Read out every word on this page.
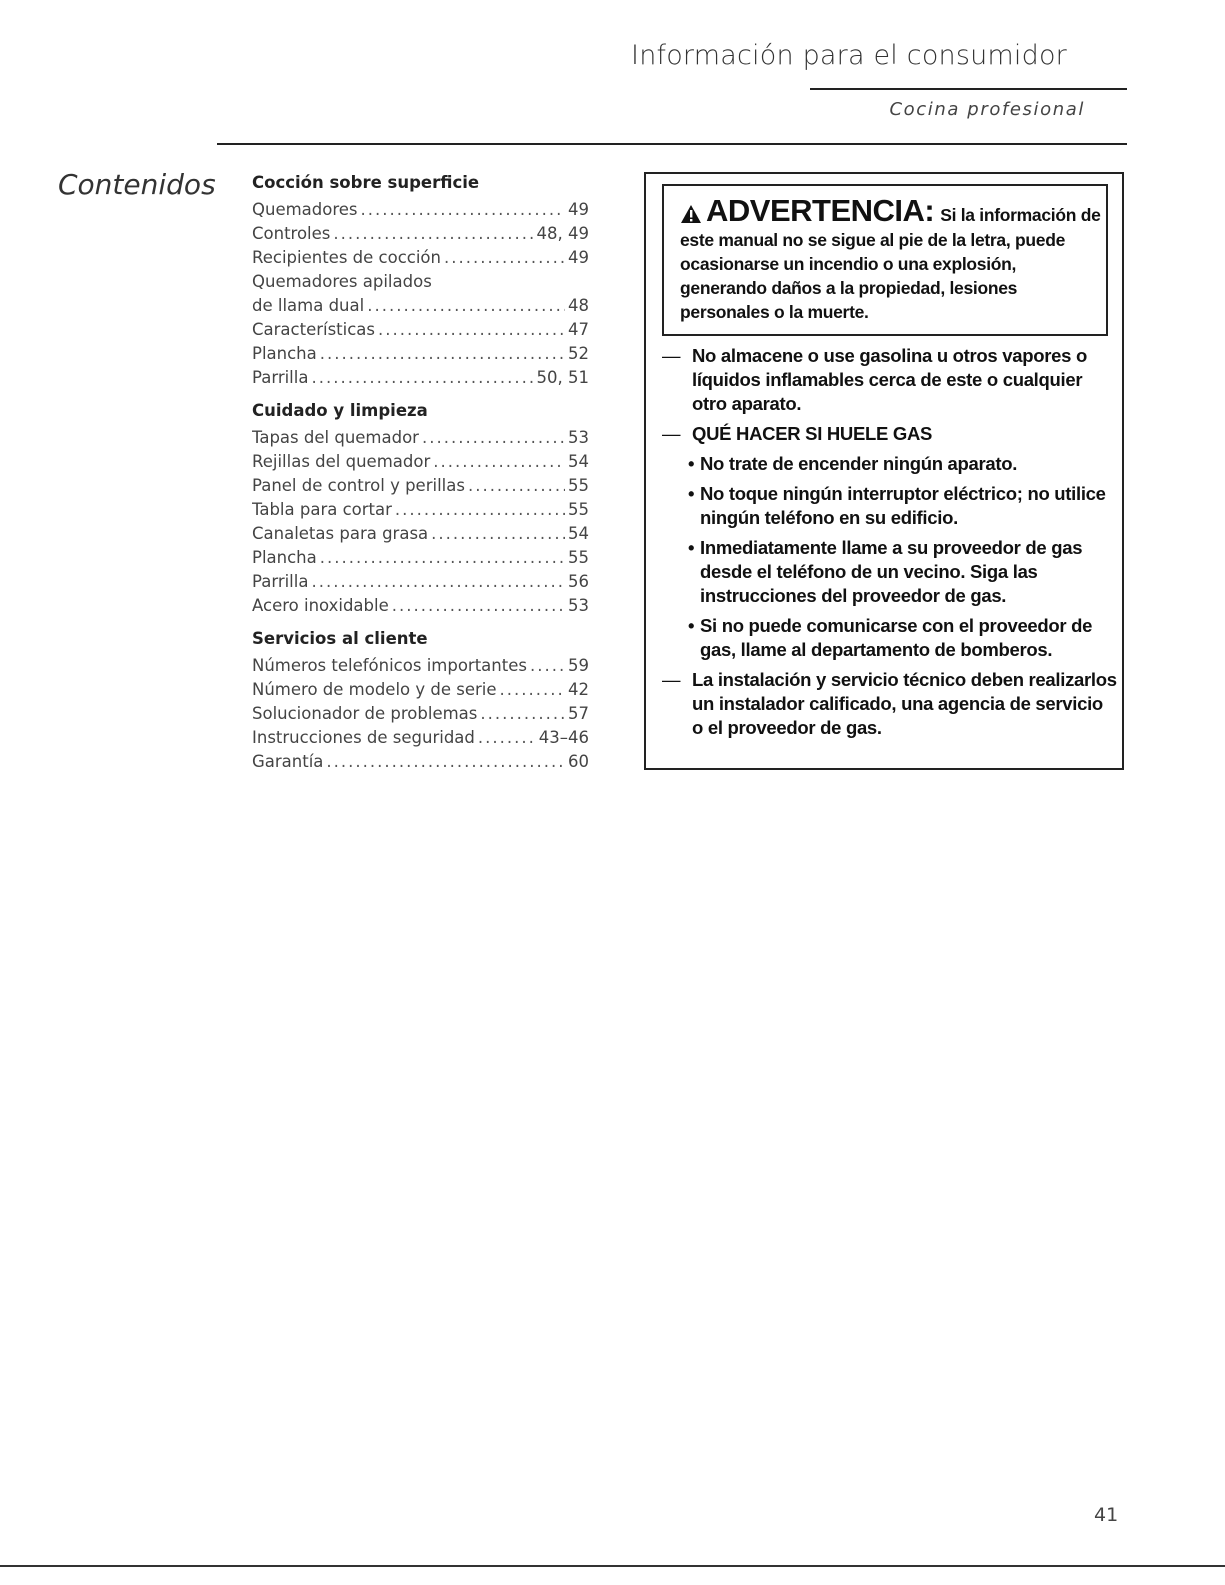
Información para el consumidor
Cocina profesional
Contenidos Cocción sobre superficie
Quemadores .....	49
Controles .....	48, 49
Recipientes de cocción .....	49
Quemadores apilados
de llama dual .....	48
Características .....	47
Plancha .....	52
Parrilla .....	50, 51
Cuidado y limpieza
Tapas del quemador .....	53
Rejillas del quemador .....	54
Panel de control y perillas .....	55
Tabla para cortar .....	55
Canaletas para grasa .....	54
Plancha .....	55
Parrilla .....	56
Acero inoxidable .....	53
Servicios al cliente
Números telefónicos importantes ..... 59
Número de modelo y de serie .....	42
Solucionador de problemas .....	57
Instrucciones de seguridad .....	43–46
Garantía .....	60
ADVERTENCIA: Si la información de
este manual no se sigue al pie de la letra, puede
ocasionarse un incendio o una explosión,
generando daños a la propiedad, lesiones
personales o la muerte.
— No almacene o use gasolina u otros vapores o líquidos inflamables cerca de este o cualquier otro aparato.
— QUÉ HACER SI HUELE GAS
• No trate de encender ningún aparato.
• No toque ningún interruptor eléctrico; no utilice ningún teléfono en su edificio.
• Inmediatamente llame a su proveedor de gas desde el teléfono de un vecino. Siga las instrucciones del proveedor de gas.
• Si no puede comunicarse con el proveedor de gas, llame al departamento de bomberos.
— La instalación y servicio técnico deben realizarlos un instalador calificado, una agencia de servicio o el proveedor de gas.
41
